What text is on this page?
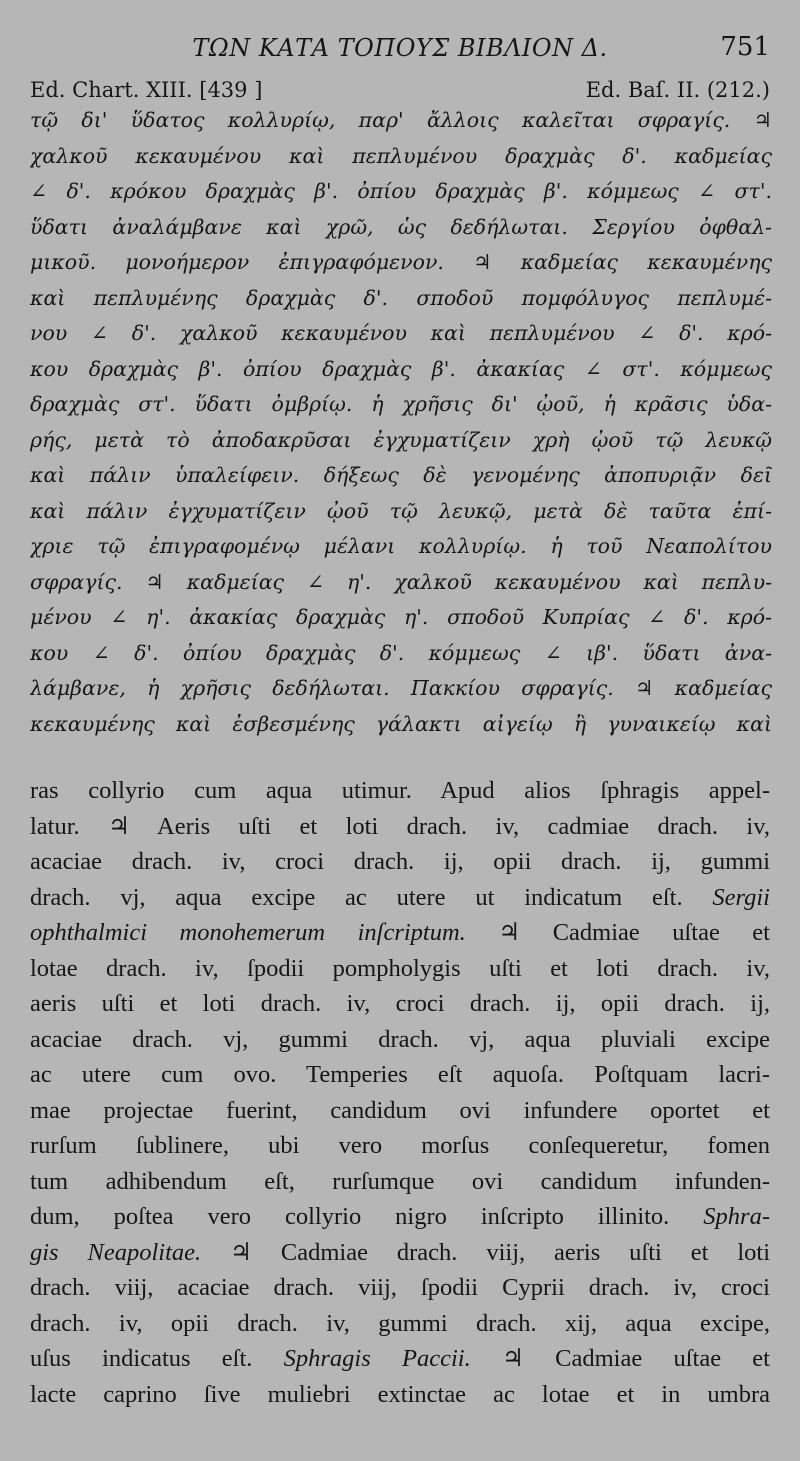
ΤΩΝ ΚΑΤΑ ΤΟΠΟΥΣ ΒΙΒΛΙΟΝ Δ.	751
Ed. Chart. XIII. [439 ]	Ed. Baſ. II. (212.)
τῷ δι' ὕδατος κολλυρίῳ, παρ' ἄλλοις καλεῖται σφραγίς. ♃
χαλκοῦ κεκαυμένου καὶ πεπλυμένου δραχμὰς δ'. καδμείας
∠ δ'. κρόκου δραχμὰς β'. ὀπίου δραχμὰς β'. κόμμεως ∠ στ'.
ὕδατι ἀναλάμβανε καὶ χρῶ, ὡς δεδήλωται. Σεργίου ὀφθαλ-
μικοῦ. μονοήμερον ἐπιγραφόμενον. ♃ καδμείας κεκαυμένης
καὶ πεπλυμένης δραχμὰς δ'. σποδοῦ πομφόλυγος πεπλυμέ-
νου ∠ δ'. χαλκοῦ κεκαυμένου καὶ πεπλυμένου ∠ δ'. κρό-
κου δραχμὰς β'. ὀπίου δραχμὰς β'. ἀκακίας ∠ στ'. κόμμεως
δραχμὰς στ'. ὕδατι ὀμβρίῳ. ἡ χρῆσις δι' ᾠοῦ, ἡ κρᾶσις ὑδα-
ρής, μετὰ τὸ ἀποδακρῦσαι ἐγχυματίζειν χρὴ ᾠοῦ τῷ λευκῷ
καὶ πάλιν ὑπαλείφειν. δήξεως δὲ γενομένης ἀποπυριᾷν δεῖ
καὶ πάλιν ἐγχυματίζειν ᾠοῦ τῷ λευκῷ, μετὰ δὲ ταῦτα ἐπί-
χριε τῷ ἐπιγραφομένῳ μέλανι κολλυρίῳ. ἡ τοῦ Νεαπολίτου
σφραγίς. ♃ καδμείας ∠ η'. χαλκοῦ κεκαυμένου καὶ πεπλυ-
μένου ∠ η'. ἀκακίας δραχμὰς η'. σποδοῦ Κυπρίας ∠ δ'. κρό-
κου ∠ δ'. ὀπίου δραχμὰς δ'. κόμμεως ∠ ιβ'. ὕδατι ἀνα-
λάμβανε, ἡ χρῆσις δεδήλωται. Παккίου σφραγίς. ♃ καδμείας
κεκαυμένης καὶ ἐσβεσμένης γάλακτι αἰγείῳ ἢ γυναικείῳ καὶ
ras collyrio cum aqua utimur. Apud alios ſphragis appel-
latur. ♃ Aeris uſti et loti drach. iv, cadmiae drach. iv,
acaciae drach. iv, croci drach. ij, opii drach. ij, gummi
drach. vj, aqua excipe ac utere ut indicatum eſt. Sergii
ophthalmici monohemerum inſcriptum. ♃ Cadmiae uſtae et
lotae drach. iv, ſpodii pompholygis uſti et loti drach. iv,
aeris uſti et loti drach. iv, croci drach. ij, opii drach. ij,
acaciae drach. vj, gummi drach. vj, aqua pluviali excipe
ac utere cum ovo. Temperies eſt aquoſa. Poſtquam lacri-
mae projectae fuerint, candidum ovi infundere oportet et
rurſum ſublinere, ubi vero morſus conſequeretur, fomen
tum adhibendum eſt, rurſumque ovi candidum infunden-
dum, poſtea vero collyrio nigro inſcripto illinito. Sphra-
gis Neapolitae. ♃ Cadmiae drach. viij, aeris uſti et loti
drach. viij, acaciae drach. viij, ſpodii Cyprii drach. iv, croci
drach. iv, opii drach. iv, gummi drach. xij, aqua excipe,
uſus indicatus eſt. Sphragis Paccii. ♃ Cadmiae uſtae et
lacte caprino ſive muliebri extinctae ac lotae et in umbra
